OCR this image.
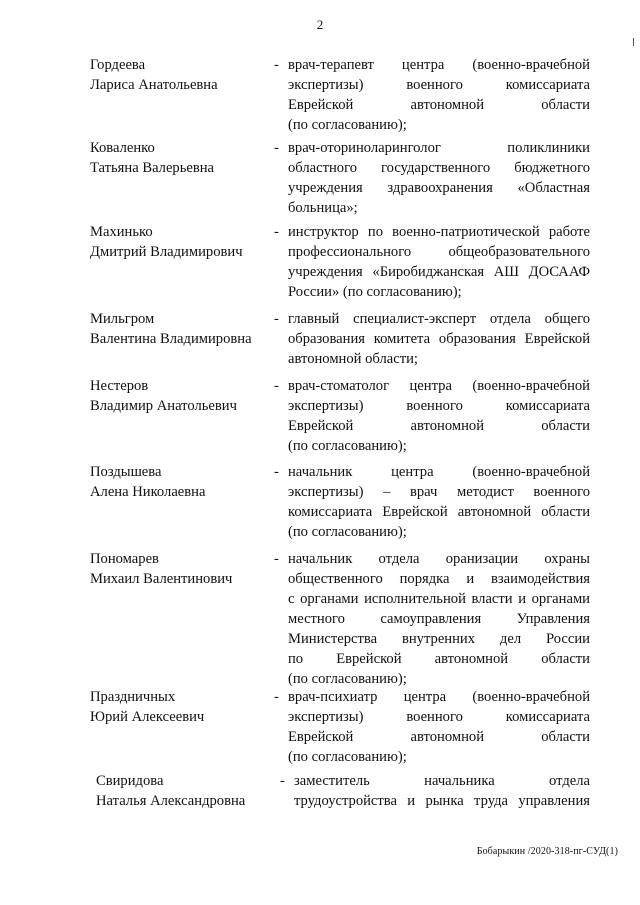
2
Гордеева
Лариса Анатольевна
- врач-терапевт центра (военно-врачебной
экспертизы) военного комиссариата
Еврейской автономной области
(по согласованию);
Коваленко
Татьяна Валерьевна
- врач-оториноларинголог поликлиники
областного государственного бюджетного
учреждения здравоохранения «Областная
больница»;
Махинько
Дмитрий Владимирович
- инструктор по военно-патриотической работе
профессионального общеобразовательного
учреждения «Биробиджанская АШ ДОСААФ
России» (по согласованию);
Мильгром
Валентина Владимировна
- главный специалист-эксперт отдела общего
образования комитета образования Еврейской
автономной области;
Нестеров
Владимир Анатольевич
- врач-стоматолог центра (военно-врачебной
экспертизы) военного комиссариата
Еврейской автономной области
(по согласованию);
Поздышева
Алена Николаевна
- начальник центра (военно-врачебной
экспертизы) – врач методист военного
комиссариата Еврейской автономной области
(по согласованию);
Пономарев
Михаил Валентинович
- начальник отдела оранизации охраны
общественного порядка и взаимодействия
с органами исполнительной власти и органами
местного самоуправления Управления
Министерства внутренних дел России
по Еврейской автономной области
(по согласованию);
Праздничных
Юрий Алексеевич
- врач-психиатр центра (военно-врачебной
экспертизы) военного комиссариата
Еврейской автономной области
(по согласованию);
Свиридова
Наталья Александровна
- заместитель начальника отдела
трудоустройства и рынка труда управления
Бобарыкин /2020-318-пг-СУД(1)
